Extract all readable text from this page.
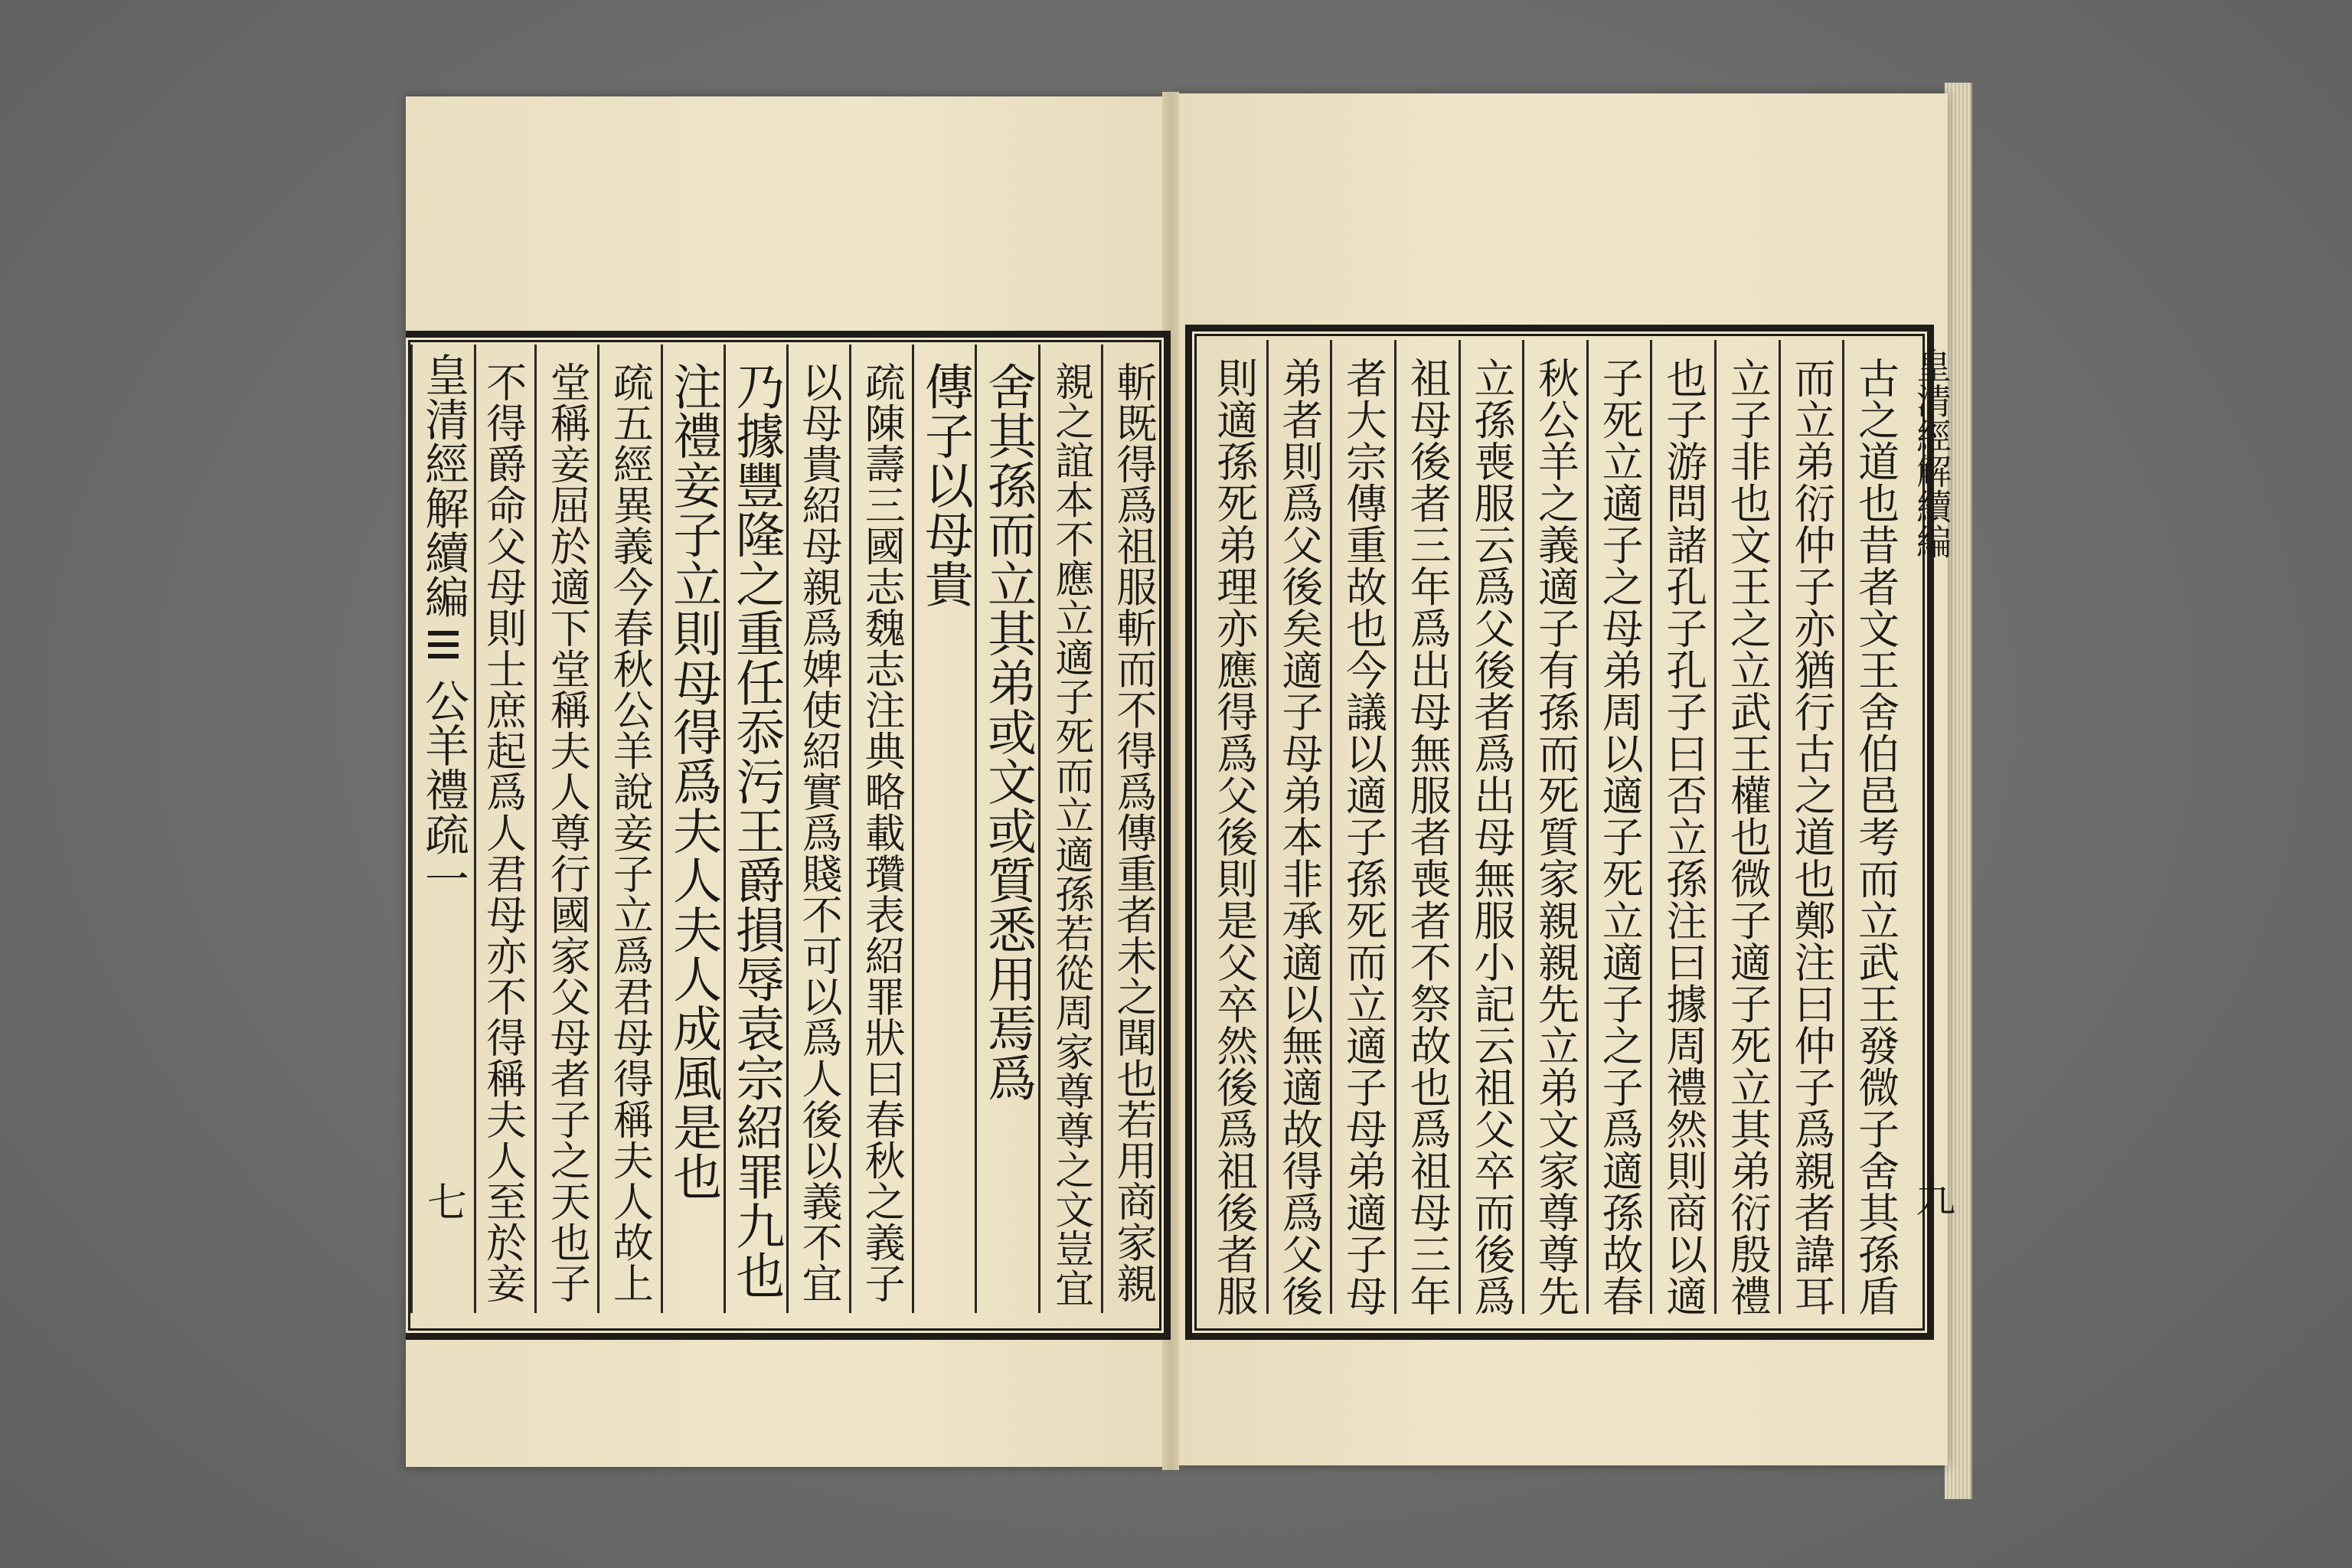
皇清經解續編
公羊禮疏一
七	斬既得爲祖服斬而不得爲傳重者未之聞也若用商家親
親之誼本不應立適子死而立適孫若從周家尊尊之文豈宜
舍其孫而立其弟或文或質悉用焉爲
傳子以母貴
疏陳壽三國志魏志注典略載瓚表紹罪狀曰春秋之義子
以母貴紹母親爲婢使紹實爲賤不可以爲人後以義不宜
乃據豐隆之重任忝污王爵損辱袁宗紹罪九也
注禮妾子立則母得爲夫人夫人成風是也
疏五經異義今春秋公羊說妾子立爲君母得稱夫人故上
堂稱妾屈於適下堂稱夫人尊行國家父母者子之天也子
不得爵命父母則士庶起爲人君母亦不得稱夫人至於妾	皇清經解續編
九
古之道也昔者文王舍伯邑考而立武王發微子舍其孫盾
而立弟衍仲子亦猶行古之道也鄭注曰仲子爲親者諱耳
立子非也文王之立武王權也微子適子死立其弟衍殷禮
也子游問諸孔子孔子曰否立孫注曰據周禮然則商以適
子死立適子之母弟周以適子死立適子之子爲適孫故春
秋公羊之義適子有孫而死質家親親先立弟文家尊尊先
立孫喪服云爲父後者爲出母無服小記云祖父卒而後爲
祖母後者三年爲出母無服者喪者不祭故也爲祖母三年
者大宗傳重故也今議以適子孫死而立適子母弟適子母
弟者則爲父後矣適子母弟本非承適以無適故得爲父後
則適孫死弟理亦應得爲父後則是父卒然後爲祖後者服
